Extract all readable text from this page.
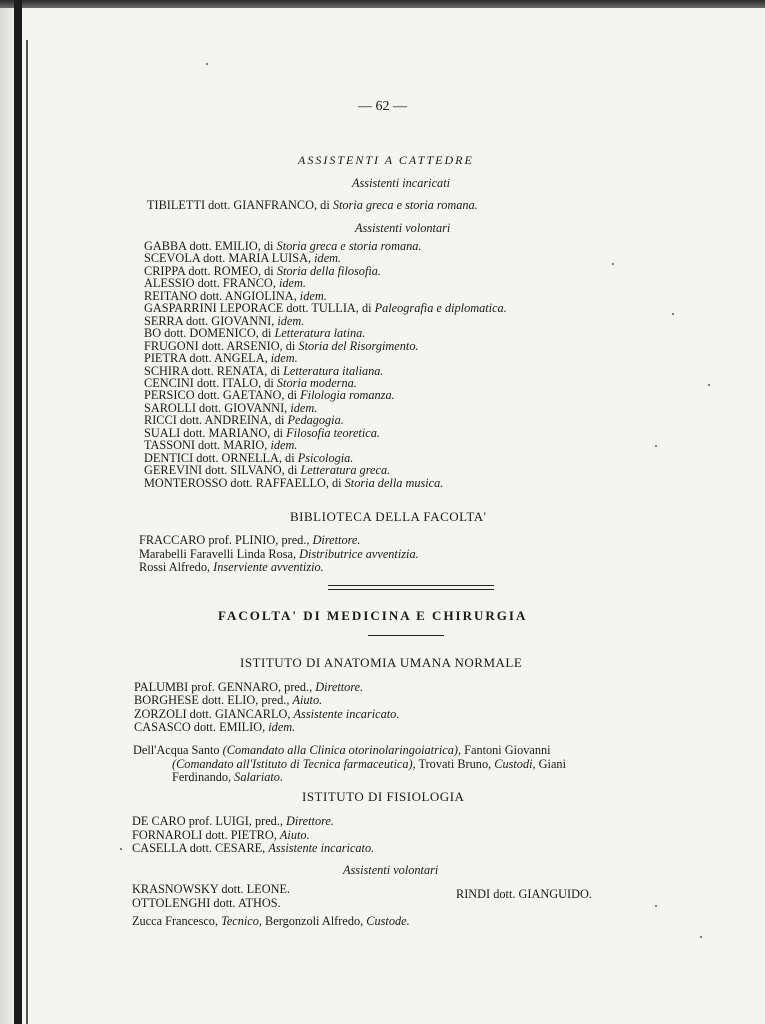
— 62 —
ASSISTENTI A CATTEDRE
Assistenti incaricati
TIBILETTI dott. GIANFRANCO, di Storia greca e storia romana.
Assistenti volontari
GABBA dott. EMILIO, di Storia greca e storia romana.
SCEVOLA dott. MARIA LUISA, idem.
CRIPPA dott. ROMEO, di Storia della filosofia.
ALESSIO dott. FRANCO, idem.
REITANO dott. ANGIOLINA, idem.
GASPARRINI LEPORACE dott. TULLIA, di Paleografia e diplomatica.
SERRA dott. GIOVANNI, idem.
BO dott. DOMENICO, di Letteratura latina.
FRUGONI dott. ARSENIO, di Storia del Risorgimento.
PIETRA dott. ANGELA, idem.
SCHIRA dott. RENATA, di Letteratura italiana.
CENCINI dott. ITALO, di Storia moderna.
PERSICO dott. GAETANO, di Filologia romanza.
SAROLLI dott. GIOVANNI, idem.
RICCI dott. ANDREINA, di Pedagogia.
SUALI dott. MARIANO, di Filosofia teoretica.
TASSONI dott. MARIO, idem.
DENTICI dott. ORNELLA, di Psicologia.
GEREVINI dott. SILVANO, di Letteratura greca.
MONTEROSSO dott. RAFFAELLO, di Storia della musica.
BIBLIOTECA DELLA FACOLTA'
FRACCARO prof. PLINIO, pred., Direttore.
Marabelli Faravelli Linda Rosa, Distributrice avventizia.
Rossi Alfredo, Inserviente avventizio.
FACOLTA' DI MEDICINA E CHIRURGIA
ISTITUTO DI ANATOMIA UMANA NORMALE
PALUMBI prof. GENNARO, pred., Direttore.
BORGHESE dott. ELIO, pred., Aiuto.
ZORZOLI dott. GIANCARLO, Assistente incaricato.
CASASCO dott. EMILIO, idem.
Dell'Acqua Santo (Comandato alla Clinica otorinolaringoiatrica), Fantoni Giovanni
(Comandato all'Istituto di Tecnica farmaceutica), Trovati Bruno, Custodi, Giani
Ferdinando, Salariato.
ISTITUTO DI FISIOLOGIA
DE CARO prof. LUIGI, pred., Direttore.
FORNAROLI dott. PIETRO, Aiuto.
CASELLA dott. CESARE, Assistente incaricato.
Assistenti volontari
KRASNOWSKY dott. LEONE.
OTTOLENGHI dott. ATHOS.
RINDI dott. GIANGUIDO.
Zucca Francesco, Tecnico, Bergonzoli Alfredo, Custode.
